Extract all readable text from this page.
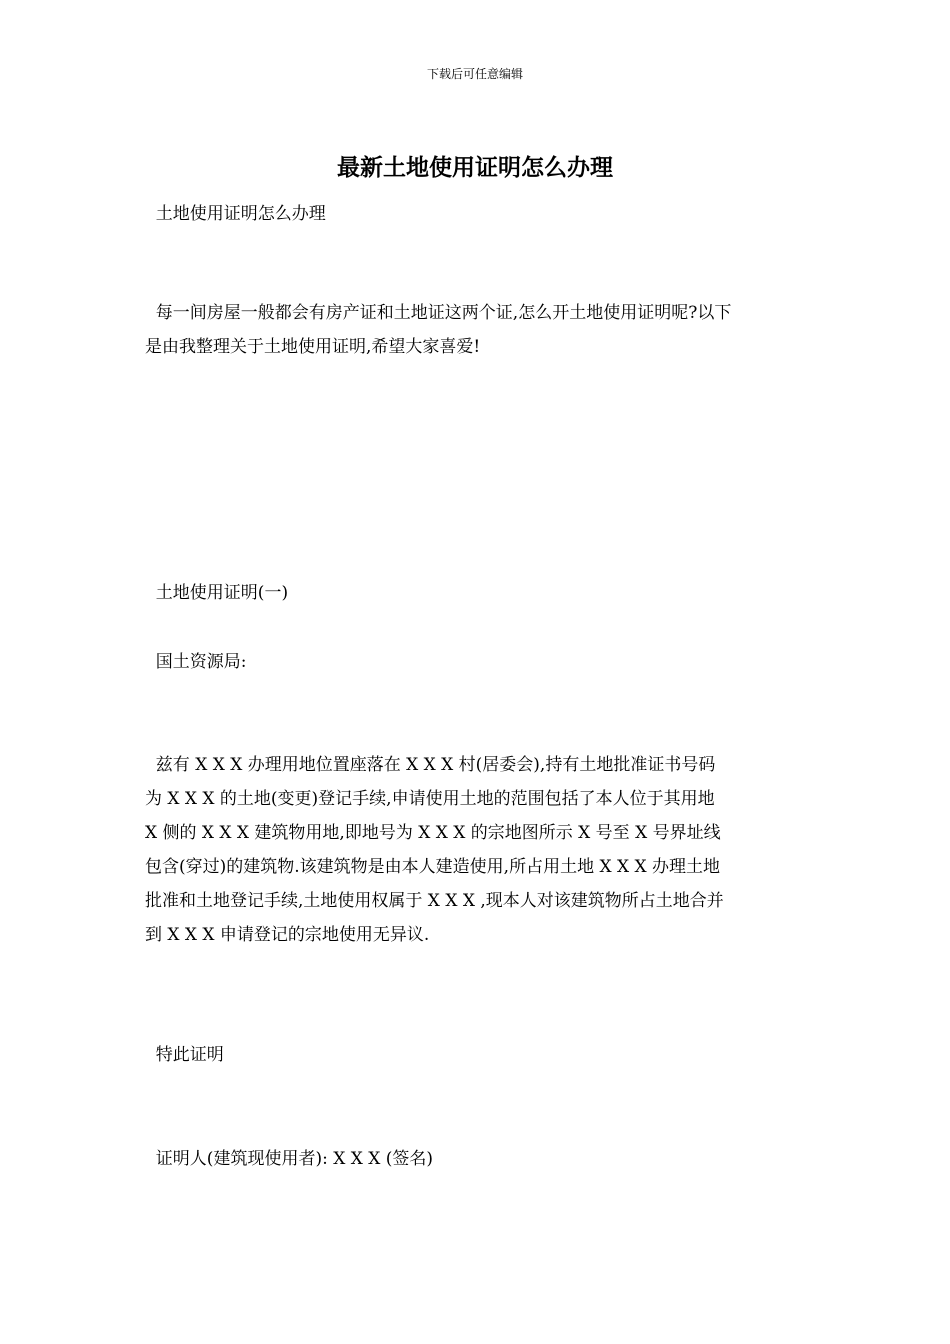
下载后可任意编辑
最新土地使用证明怎么办理

土地使用证明怎么办理

每一间房屋一般都会有房产证和土地证这两个证,怎么开土地使用证明呢?以下
是由我整理关于土地使用证明,希望大家喜爱!

土地使用证明(一)

国土资源局:

兹有 X X X 办理用地位置座落在 X X X 村(居委会),持有土地批准证书号码
为 X X X 的土地(变更)登记手续,申请使用土地的范围包括了本人位于其用地
X 侧的 X X X 建筑物用地,即地号为 X X X 的宗地图所示 X 号至 X 号界址线
包含(穿过)的建筑物.该建筑物是由本人建造使用,所占用土地 X X X 办理土地
批准和土地登记手续,土地使用权属于 X X X ,现本人对该建筑物所占土地合并
到 X X X 申请登记的宗地使用无异议.

特此证明

证明人(建筑现使用者): X X X (签名)
